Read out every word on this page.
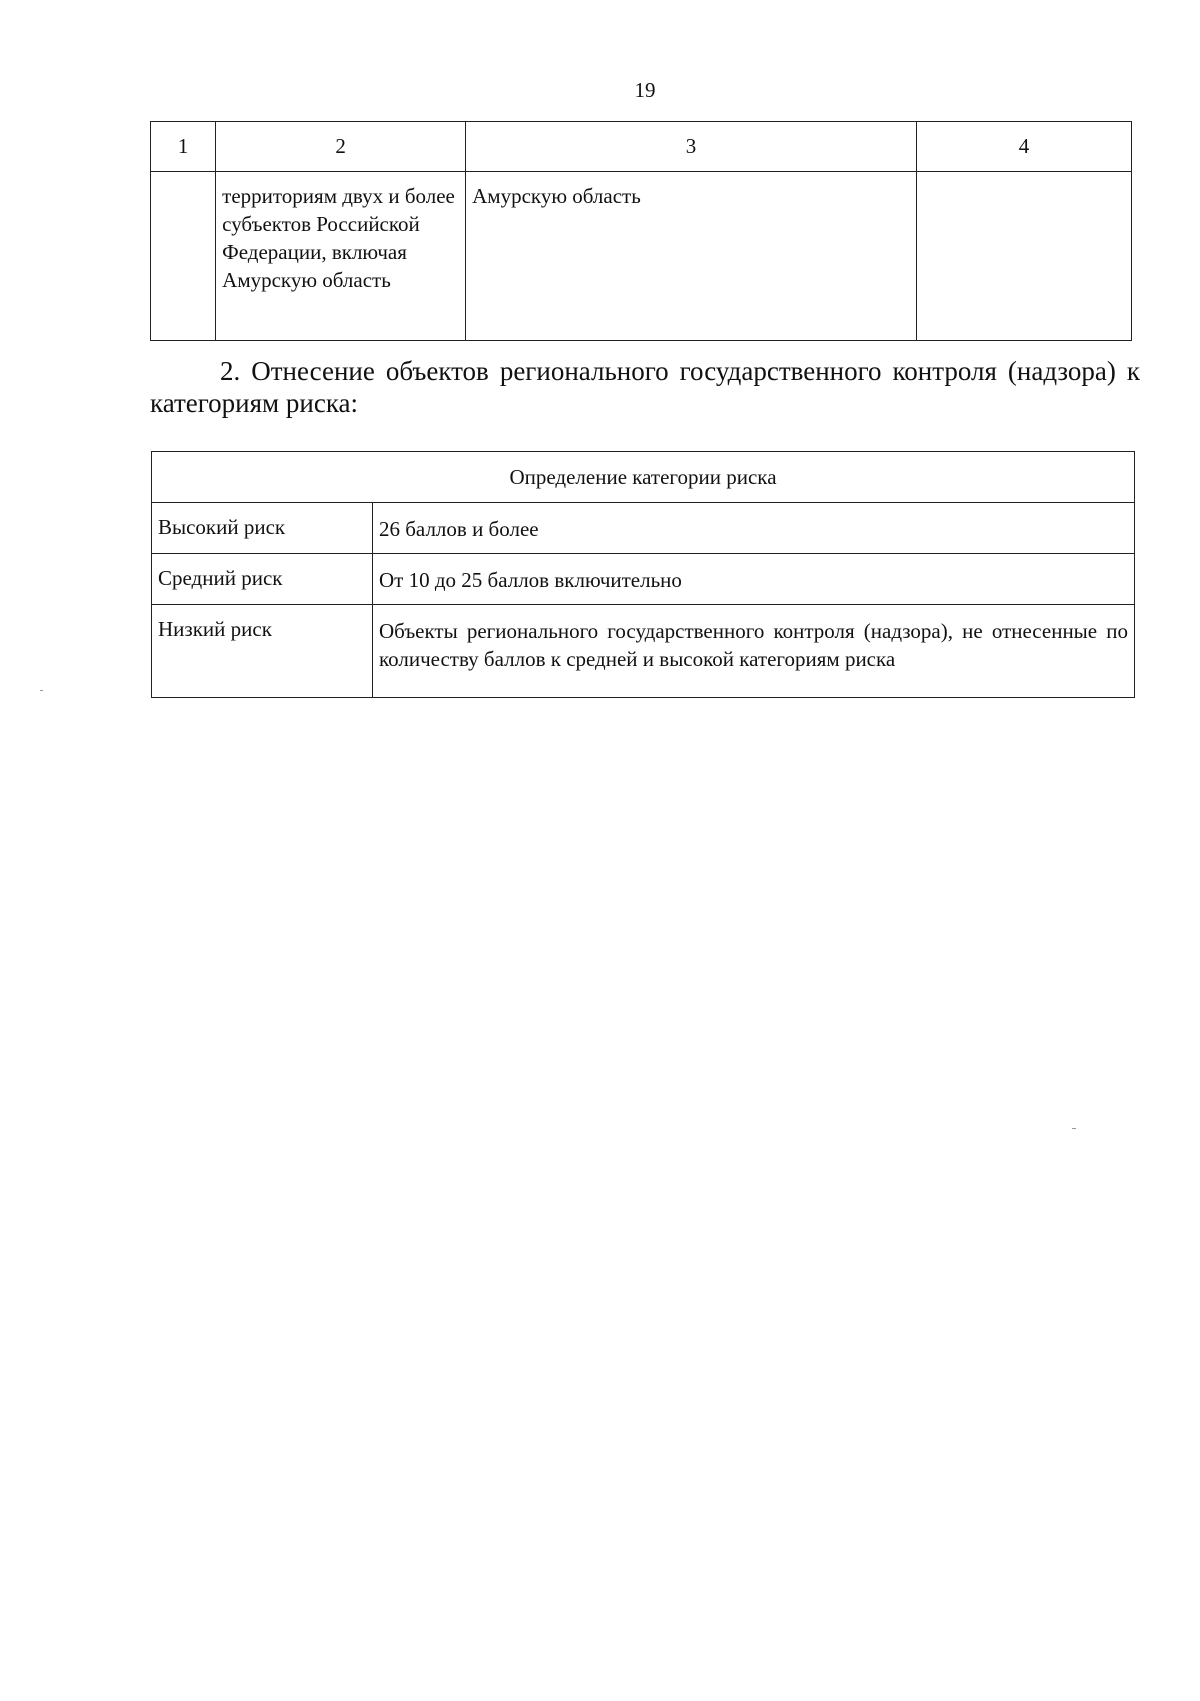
19
1	2	3	4
	территориям двух и более субъектов Российской Федерации, включая Амурскую область	Амурскую область	
2. Отнесение объектов регионального государственного контроля (надзора) к категориям риска:
Определение категории риска	
Высокий риск	26 баллов и более
Средний риск	От 10 до 25 баллов включительно
Низкий риск	Объекты регионального государственного контроля (надзора), не отнесенные по количеству баллов к средней и высокой категориям риска
